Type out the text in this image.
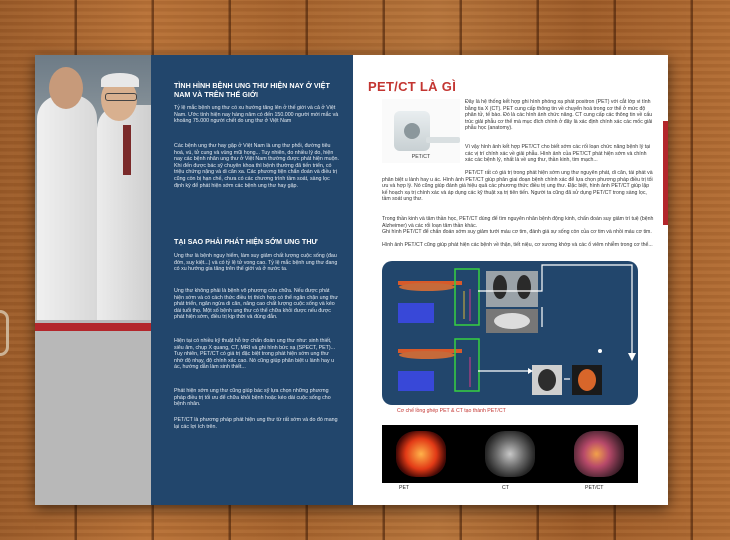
TÌNH HÌNH BỆNH UNG THƯ HIỆN NAY Ở VIỆT NAM VÀ TRÊN THẾ GIỚI

Tỷ lệ mắc bệnh ung thư có xu hướng tăng lên ở thế giới và cả ở Việt Nam. Ước tính hiện nay hàng năm có đến 150.000 người mới mắc và khoảng 75.000 người chết do ung thư ở Việt Nam

Các bệnh ung thư hay gặp ở Việt Nam là ung thư phổi, đường tiêu hoá, vú, tử cung và vùng mũi họng... Tuy nhiên, do nhiều lý do, hiện nay các bệnh nhân ung thư ở Việt Nam thường được phát hiện muộn. Khi đến được bác sỹ chuyên khoa thì bệnh thường đã tiến triển, có triệu chứng nặng và di căn xa. Các phương tiện chẩn đoán và điều trị cũng còn bị hạn chế, chưa có các chương trình tầm soát, sàng lọc định kỳ để phát hiện sớm các bệnh ung thư hay gặp.

TẠI SAO PHẢI PHÁT HIỆN SỚM UNG THƯ

Ung thư là bệnh nguy hiểm, làm suy giảm chất lượng cuộc sống (đau đớn, suy kiệt...) và có tỷ lệ tử vong cao. Tỷ lệ mắc bệnh ung thư đang có xu hướng gia tăng trên thế giới và ở nước ta.

Ung thư không phải là bệnh vô phương cứu chữa. Nếu được phát hiện sớm và có cách thức điều trị thích hợp có thể ngăn chặn ung thư phát triển, ngăn ngừa di căn, nâng cao chất lượng cuộc sống và kéo dài tuổi thọ. Một số bệnh ung thư có thể chữa khỏi được nếu được phát hiện sớm, điều trị kịp thời và đúng đắn.

Hiện tại có nhiều kỹ thuật hỗ trợ chẩn đoán ung thư như: sinh thiết, siêu âm, chụp X quang, CT, MRI và ghi hình bức xạ (SPECT, PET)... Tuy nhiên, PET/CT có giá trị đặc biệt trong phát hiện sớm ung thư nhờ độ nhạy, độ chính xác cao. Nó cũng giúp phân biệt u lành hay u ác, hướng dẫn làm sinh thiết...

Phát hiện sớm ung thư cũng giúp bác sỹ lựa chọn những phương pháp điều trị tối ưu để chữa khỏi bệnh hoặc kéo dài cuộc sống cho bệnh nhân.

PET/CT là phương pháp phát hiện ung thư từ rất sớm và do đó mang lại các lợi ích trên.

PET/CT LÀ GÌ
PET/CT

Đây là hệ thống kết hợp ghi hình phóng xạ phát positron (PET) với cắt lớp vi tính bằng tia X (CT). PET cung cấp thông tin về chuyển hoá trong cơ thể ở mức độ phân tử, tế bào. Đó là các hình ảnh chức năng. CT cung cấp các thông tin về cấu trúc giải phẫu cơ thể mà mục đích chính ở đây là xác định chính xác các mốc giải phẫu học (anatomy).

Vì vậy hình ảnh kết hợp PET/CT cho biết sớm các rối loạn chức năng bệnh lý tại các vị trí chính xác về giải phẫu. Hình ảnh của PET/CT phát hiện sớm và chính xác các bệnh lý, nhất là về ung thư, thần kinh, tim mạch...

PET/CT rất có giá trị trong phát hiện sớm ung thư nguyên phát, di căn, tái phát và phân biệt u lành hay u ác. Hình ảnh PET/CT giúp phân giai đoạn bệnh chính xác để lựa chọn phương pháp điều trị tối ưu và hợp lý. Nó cũng giúp đánh giá hiệu quả các phương thức điều trị ung thư. Đặc biệt, hình ảnh PET/CT giúp lập kế hoạch xạ trị chính xác và áp dụng các kỹ thuật xạ trị tiên tiến. Người ta cũng đã sử dụng PET/CT trong sàng lọc, tầm soát ung thư.

Trong thần kinh và tâm thần học, PET/CT dùng để tìm nguyên nhân bệnh động kinh, chẩn đoán suy giảm trí tuệ (bệnh Alzheimer) và các rối loạn tâm thần khác.

Ghi hình PET/CT để chẩn đoán sớm suy giảm tưới máu cơ tim, đánh giá sự sống còn của cơ tim và nhồi máu cơ tim.

Hình ảnh PET/CT cũng giúp phát hiện các bệnh về thận, tiết niệu, cơ xương khớp và các ổ viêm nhiễm trong cơ thể...

Cơ chế lồng ghép PET & CT tạo thành PET/CT
PET	CT	PET/CT
